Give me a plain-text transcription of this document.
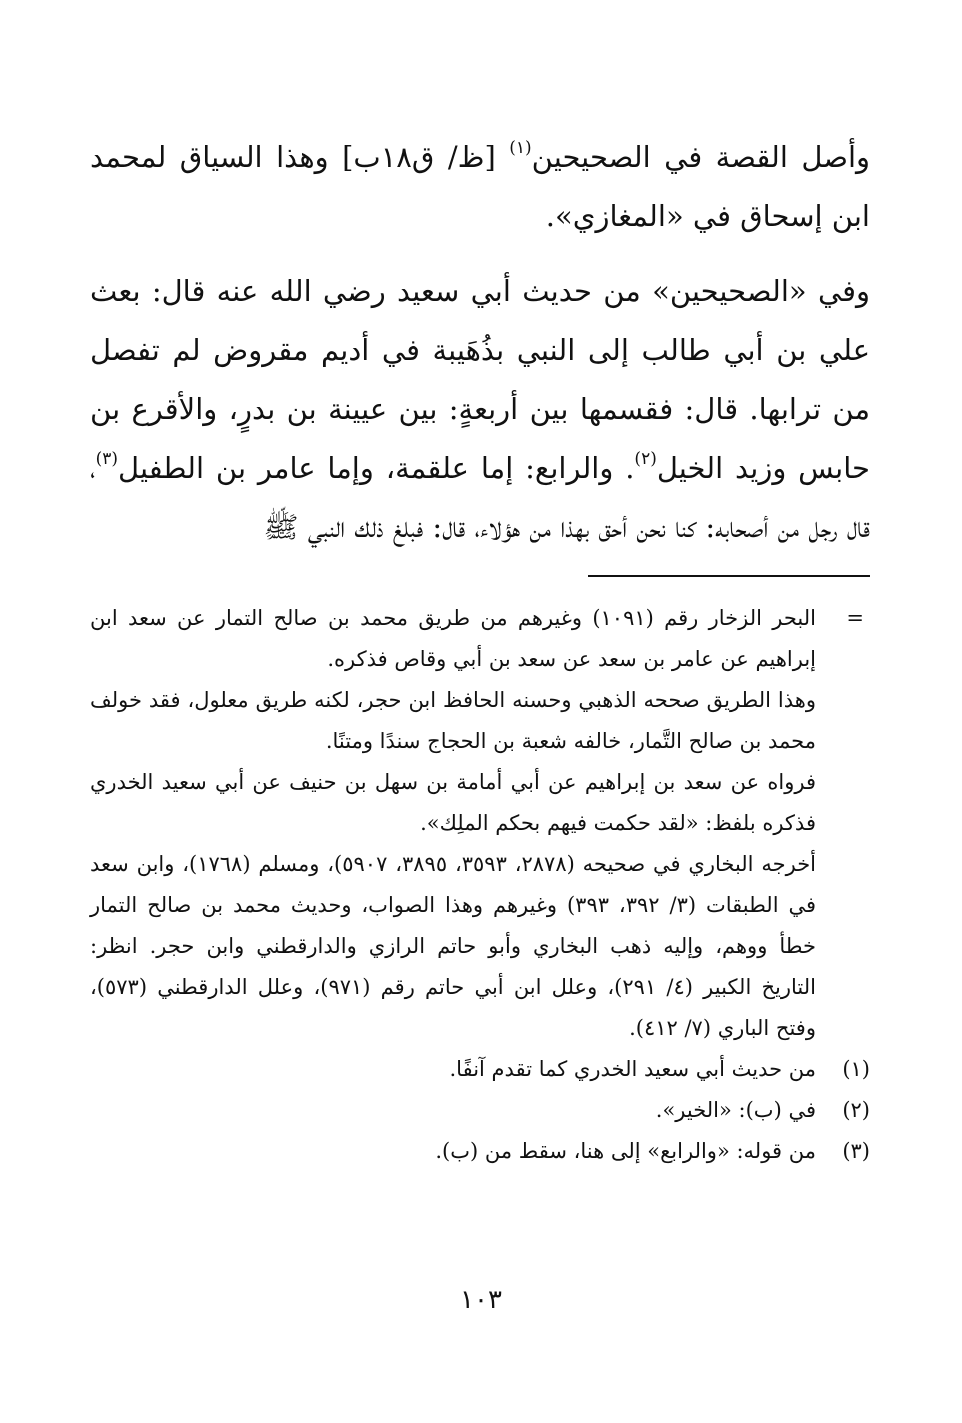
وأصل القصة في الصحيحين$^{(١)}$ [ظ/ ق١٨ب] وهذا السياق لمحمد ابن إسحاق في «المغازي».

وفي «الصحيحين» من حديث أبي سعيد رضي الله عنه قال: بعث علي بن أبي طالب إلى النبي بذُهَيبة في أديم مقروض لم تفصل من ترابها. قال: فقسمها بين أربعةٍ: بين عيينة بن بدرٍ، والأقرع بن حابس وزيد الخيل$^{(٢)}$. والرابع: إما علقمة، وإما عامر بن الطفيل$^{(٣)}$، قال رجل من أصحابه: كنا نحن أحق بهذا من هؤلاء، قال: فبلغ ذلك النبي ﷺ

=

البحر الزخار رقم (١٠٩١) وغيرهم من طريق محمد بن صالح التمار عن سعد ابن إبراهيم عن عامر بن سعد عن سعد بن أبي وقاص فذكره.

وهذا الطريق صححه الذهبي وحسنه الحافظ ابن حجر، لكنه طريق معلول، فقد خولف محمد بن صالح التَّمار، خالفه شعبة بن الحجاج سندًا ومتنًا.

فرواه عن سعد بن إبراهيم عن أبي أمامة بن سهل بن حنيف عن أبي سعيد الخدري فذكره بلفظ: «لقد حكمت فيهم بحكم الملِك».

أخرجه البخاري في صحيحه (٢٨٧٨، ٣٥٩٣، ٣٨٩٥، ٥٩٠٧)، ومسلم (١٧٦٨)، وابن سعد في الطبقات (٣/ ٣٩٢، ٣٩٣) وغيرهم وهذا الصواب، وحديث محمد بن صالح التمار خطأ ووهم، وإليه ذهب البخاري وأبو حاتم الرازي والدارقطني وابن حجر. انظر: التاريخ الكبير (٤/ ٢٩١)، وعلل ابن أبي حاتم رقم (٩٧١)، وعلل الدارقطني (٥٧٣)، وفتح الباري (٧/ ٤١٢).

(١)
من حديث أبي سعيد الخدري كما تقدم آنفًا.
(٢)
في (ب): «الخير».
(٣)
من قوله: «والرابع» إلى هنا، سقط من (ب).
١٠٣
